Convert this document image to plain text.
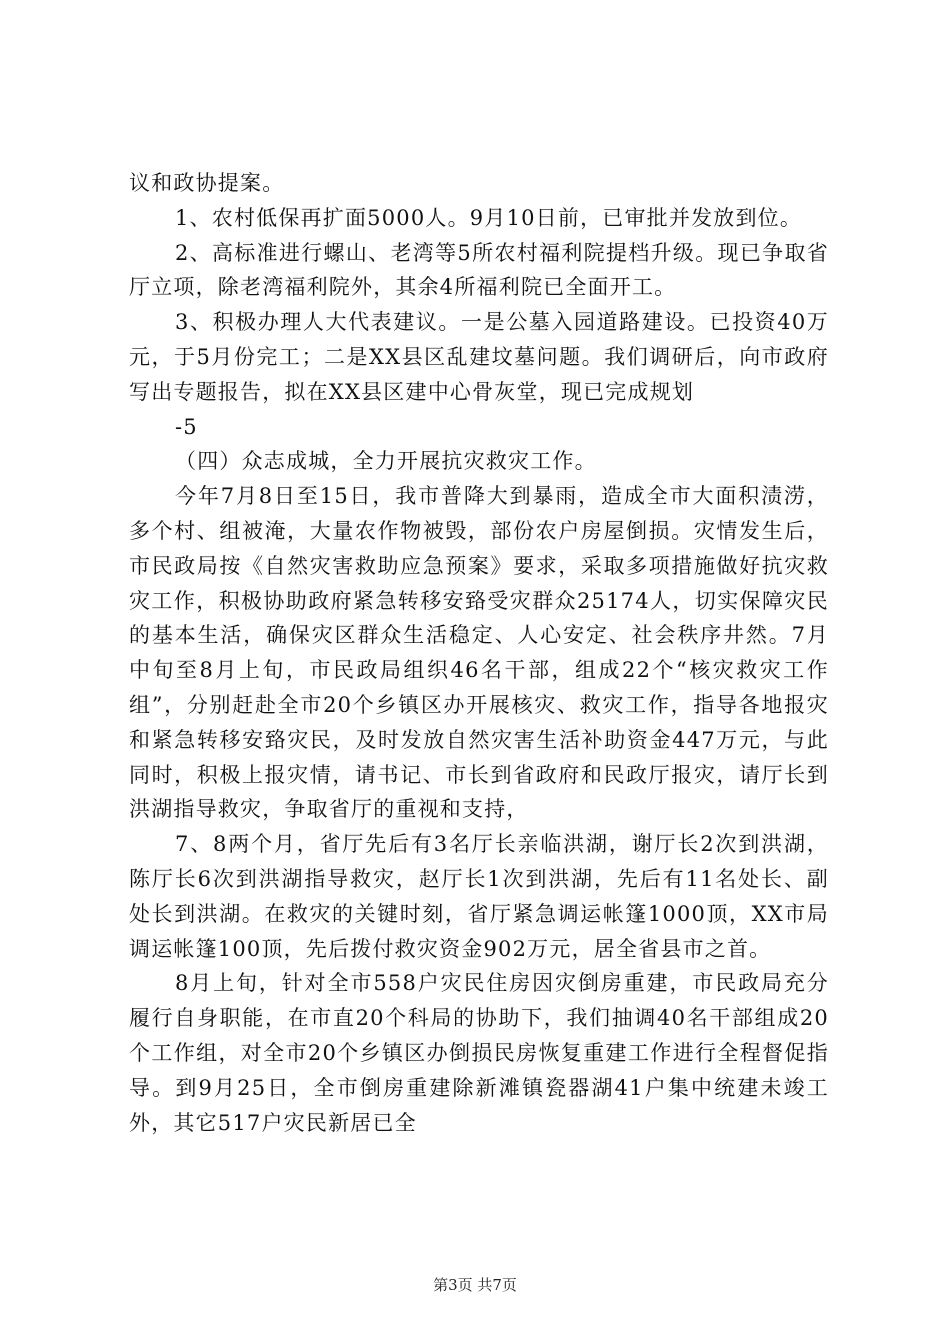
议和政协提案。

1、农村低保再扩面5000人。9月10日前，已审批并发放到位。

2、高标准进行螺山、老湾等5所农村福利院提档升级。现已争取省厅立项，除老湾福利院外，其余4所福利院已全面开工。

3、积极办理人大代表建议。一是公墓入园道路建设。已投资40万元，于5月份完工；二是XX县区乱建坟墓问题。我们调研后，向市政府写出专题报告，拟在XX县区建中心骨灰堂，现已完成规划

-5

（四）众志成城，全力开展抗灾救灾工作。

今年7月8日至15日，我市普降大到暴雨，造成全市大面积渍涝，多个村、组被淹，大量农作物被毁，部份农户房屋倒损。灾情发生后，市民政局按《自然灾害救助应急预案》要求，采取多项措施做好抗灾救灾工作，积极协助政府紧急转移安臵受灾群众25174人，切实保障灾民的基本生活，确保灾区群众生活稳定、人心安定、社会秩序井然。7月中旬至8月上旬，市民政局组织46名干部，组成22个“核灾救灾工作组”，分别赶赴全市20个乡镇区办开展核灾、救灾工作，指导各地报灾和紧急转移安臵灾民，及时发放自然灾害生活补助资金447万元，与此同时，积极上报灾情，请书记、市长到省政府和民政厅报灾，请厅长到洪湖指导救灾，争取省厅的重视和支持，

7、8两个月，省厅先后有3名厅长亲临洪湖，谢厅长2次到洪湖，陈厅长6次到洪湖指导救灾，赵厅长1次到洪湖，先后有11名处长、副处长到洪湖。在救灾的关键时刻，省厅紧急调运帐篷1000顶，XX市局调运帐篷100顶，先后拨付救灾资金902万元，居全省县市之首。

8月上旬，针对全市558户灾民住房因灾倒房重建，市民政局充分履行自身职能，在市直20个科局的协助下，我们抽调40名干部组成20个工作组，对全市20个乡镇区办倒损民房恢复重建工作进行全程督促指导。到9月25日，全市倒房重建除新滩镇瓷器湖41户集中统建未竣工外，其它517户灾民新居已全

第3页 共7页
